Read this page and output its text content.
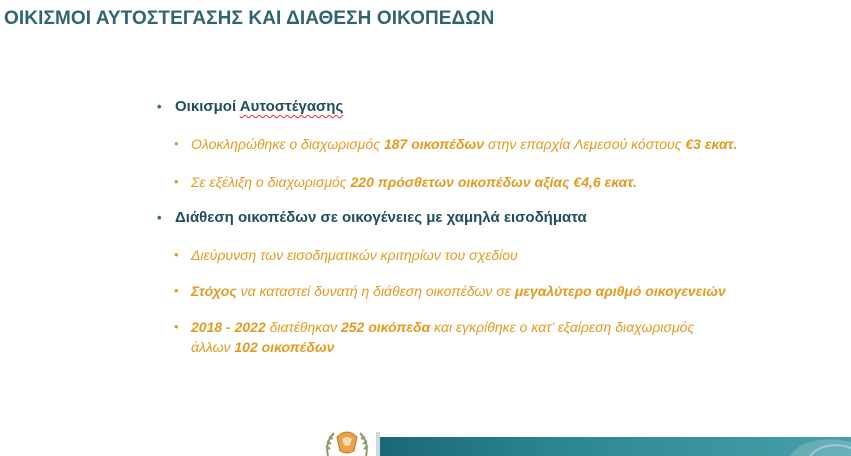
ΟΙΚΙΣΜΟΙ ΑΥΤΟΣΤΕΓΑΣΗΣ ΚΑΙ ΔΙΑΘΕΣΗ ΟΙΚΟΠΕΔΩΝ
• Οικισμοί Αυτοστέγασης
• Ολοκληρώθηκε ο διαχωρισμός 187 οικοπέδων στην επαρχία Λεμεσού κόστους €3 εκατ.
• Σε εξέλιξη ο διαχωρισμός 220 πρόσθετων οικοπέδων αξίας €4,6 εκατ.
• Διάθεση οικοπέδων σε οικογένειες με χαμηλά εισοδήματα
• Διεύρυνση των εισοδηματικών κριτηρίων του σχεδίου
• Στόχος να καταστεί δυνατή η διάθεση οικοπέδων σε μεγαλύτερο αριθμό οικογενειών
• 2018 - 2022 διατέθηκαν 252 οικόπεδα και εγκρίθηκε ο κατ’ εξαίρεση διαχωρισμός
άλλων 102 οικοπέδων
